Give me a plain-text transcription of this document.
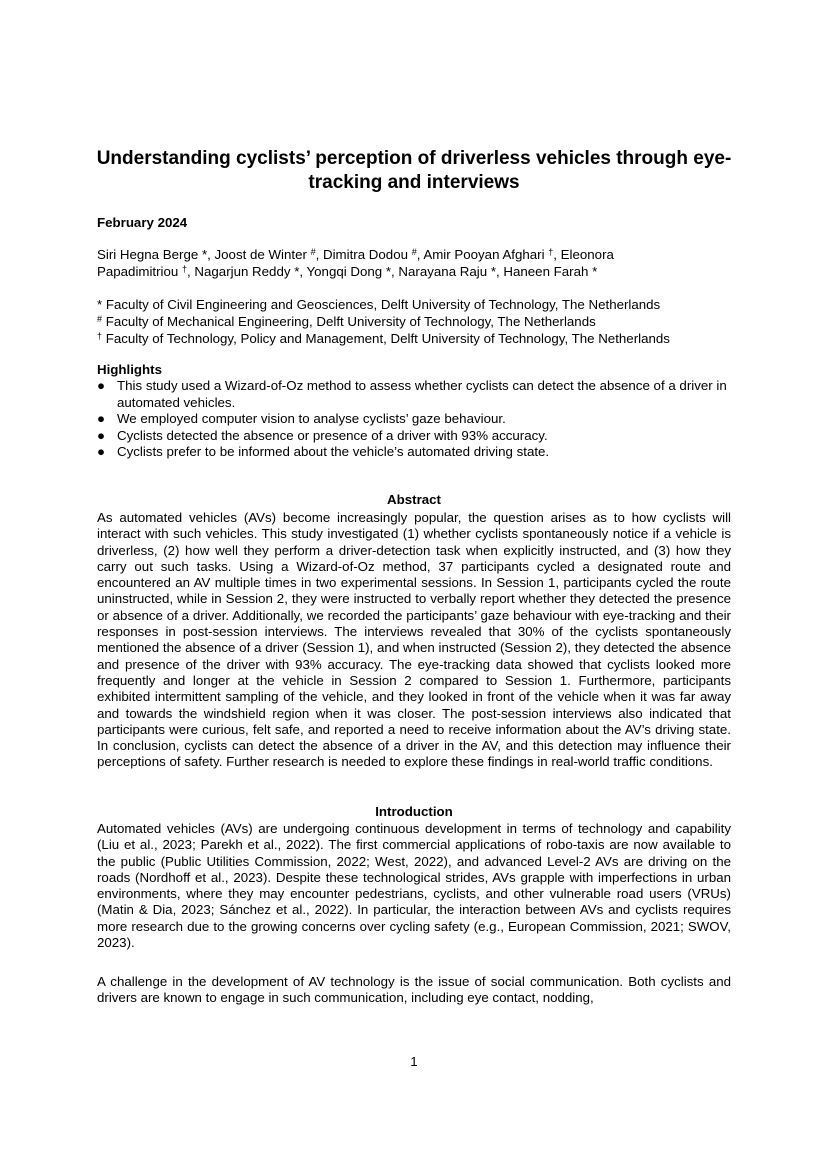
Understanding cyclists’ perception of driverless vehicles through eye-tracking and interviews
February 2024
Siri Hegna Berge *, Joost de Winter #, Dimitra Dodou #, Amir Pooyan Afghari †, Eleonora
Papadimitriou †, Nagarjun Reddy *, Yongqi Dong *, Narayana Raju *, Haneen Farah *
* Faculty of Civil Engineering and Geosciences, Delft University of Technology, The Netherlands
# Faculty of Mechanical Engineering, Delft University of Technology, The Netherlands
† Faculty of Technology, Policy and Management, Delft University of Technology, The Netherlands
Highlights
● This study used a Wizard-of-Oz method to assess whether cyclists can detect the absence of a driver in automated vehicles.
● We employed computer vision to analyse cyclists’ gaze behaviour.
● Cyclists detected the absence or presence of a driver with 93% accuracy.
● Cyclists prefer to be informed about the vehicle’s automated driving state.
Abstract

As automated vehicles (AVs) become increasingly popular, the question arises as to how cyclists will interact with such vehicles. This study investigated (1) whether cyclists spontaneously notice if a vehicle is driverless, (2) how well they perform a driver-detection task when explicitly instructed, and (3) how they carry out such tasks. Using a Wizard-of-Oz method, 37 participants cycled a designated route and encountered an AV multiple times in two experimental sessions. In Session 1, participants cycled the route uninstructed, while in Session 2, they were instructed to verbally report whether they detected the presence or absence of a driver. Additionally, we recorded the participants’ gaze behaviour with eye-tracking and their responses in post-session interviews. The interviews revealed that 30% of the cyclists spontaneously mentioned the absence of a driver (Session 1), and when instructed (Session 2), they detected the absence and presence of the driver with 93% accuracy. The eye-tracking data showed that cyclists looked more frequently and longer at the vehicle in Session 2 compared to Session 1. Furthermore, participants exhibited intermittent sampling of the vehicle, and they looked in front of the vehicle when it was far away and towards the windshield region when it was closer. The post-session interviews also indicated that participants were curious, felt safe, and reported a need to receive information about the AV’s driving state. In conclusion, cyclists can detect the absence of a driver in the AV, and this detection may influence their perceptions of safety. Further research is needed to explore these findings in real-world traffic conditions.

Introduction

Automated vehicles (AVs) are undergoing continuous development in terms of technology and capability (Liu et al., 2023; Parekh et al., 2022). The first commercial applications of robo-taxis are now available to the public (Public Utilities Commission, 2022; West, 2022), and advanced Level-2 AVs are driving on the roads (Nordhoff et al., 2023). Despite these technological strides, AVs grapple with imperfections in urban environments, where they may encounter pedestrians, cyclists, and other vulnerable road users (VRUs) (Matin & Dia, 2023; Sánchez et al., 2022). In particular, the interaction between AVs and cyclists requires more research due to the growing concerns over cycling safety (e.g., European Commission, 2021; SWOV, 2023).

A challenge in the development of AV technology is the issue of social communication. Both cyclists and drivers are known to engage in such communication, including eye contact, nodding,

1
